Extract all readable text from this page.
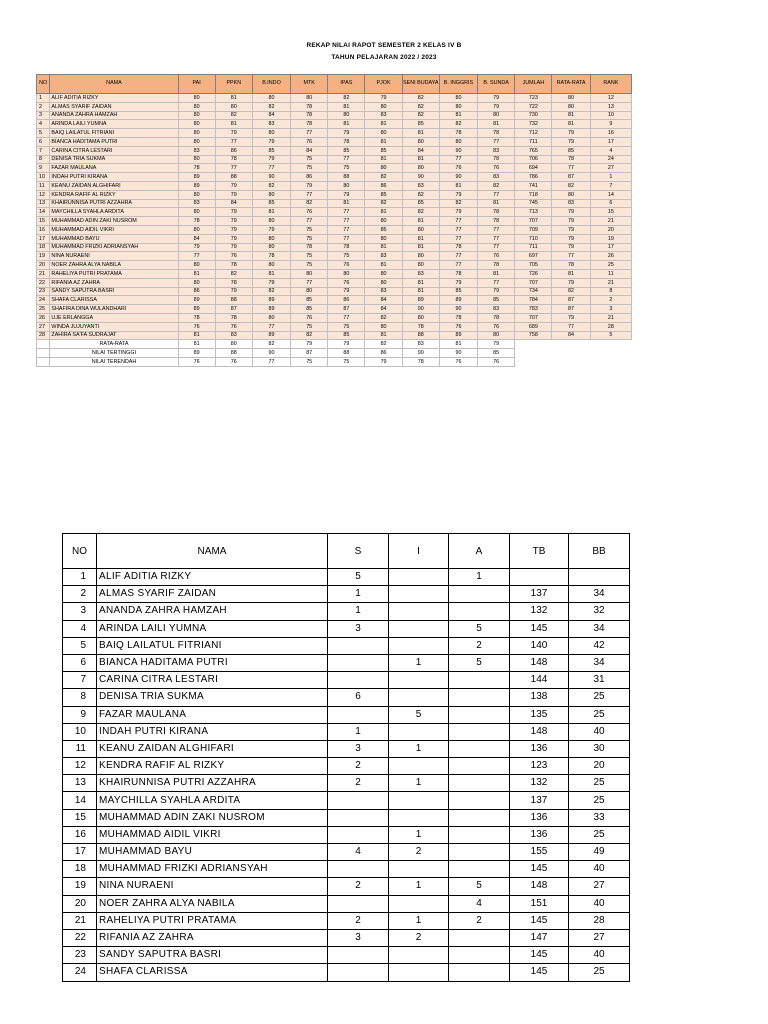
REKAP NILAI RAPOT SEMESTER 2 KELAS IV B
TAHUN PELAJARAN 2022 / 2023
NO	NAMA	PAI	PPKN	B.INDO	MTK	IPAS	PJOK	SENI BUDAYA	B. INGGRIS	B. SUNDA	JUMLAH	RATA-RATA	RANK
1	ALIF ADITIA RIZKY	80	81	80	80	82	79	82	80	79	723	80	12
2	ALMAS SYARIF ZAIDAN	80	80	82	78	81	80	82	80	79	722	80	13
3	ANANDA ZAHRA HAMZAH	80	82	84	78	80	83	82	81	80	730	81	10
4	ARINDA LAILI YUMNA	80	81	83	78	81	81	85	82	81	732	81	9
5	BAIQ LAILATUL FITRIANI	80	79	80	77	79	80	81	78	78	712	79	16
6	BIANCA HADITAMA PUTRI	80	77	79	76	78	81	80	80	77	711	79	17
7	CARINA CITRA LESTARI	83	86	85	84	85	85	84	90	83	765	85	4
8	DENISA TRIA SUKMA	80	78	79	75	77	81	81	77	78	706	78	24
9	FAZAR MAULANA	78	77	77	75	75	80	80	76	76	694	77	27
10	INDAH PUTRI KIRANA	89	88	90	86	88	82	90	90	83	786	87	1
11	KEANU ZAIDAN ALGHIFARI	89	79	82	79	80	86	83	81	82	741	82	7
12	KENDRA RAFIF AL RIZKY	80	79	80	77	79	85	82	79	77	718	80	14
13	KHAIRUNNISA PUTRI AZZAHRA	83	84	85	82	81	82	85	82	81	745	83	6
14	MAYCHILLA SYAHLA ARDITA	80	79	81	76	77	81	82	79	78	713	79	15
15	MUHAMMAD ADIN ZAKI NUSROM	78	79	80	77	77	80	81	77	78	707	79	21
16	MUHAMMAD AIDIL VIKRI	80	79	79	75	77	85	80	77	77	709	79	20
17	MUHAMMAD BAYU	84	79	80	75	77	80	81	77	77	710	79	19
18	MUHAMMAD FRIZKI ADRIANSYAH	79	79	80	78	78	81	81	78	77	711	79	17
19	NINA NURAENI	77	76	78	75	75	83	80	77	76	697	77	26
20	NOER ZAHRA ALYA NABILA	80	78	80	75	76	81	80	77	78	705	78	25
21	RAHELIYA PUTRI PRATAMA	81	82	81	80	80	80	83	78	81	726	81	11
22	RIFANIA AZ ZAHRA	80	78	79	77	76	80	81	79	77	707	79	21
23	SANDY SAPUTRA BASRI	86	79	82	80	79	83	81	85	79	734	82	8
24	SHAFA CLARISSA	89	88	89	85	86	84	89	89	85	784	87	2
25	SHAFIRA DINA WULANDHARI	89	87	89	85	87	84	90	90	83	783	87	3
26	UJE ERLANGGA	78	78	80	76	77	82	80	78	78	707	79	21
27	WINDA JUJUYANTI	76	76	77	75	75	80	78	76	76	689	77	28
28	ZAHIRA SA'FA SUDRAJAT	81	83	89	82	85	81	88	89	80	758	84	5
	RATA-RATA	81	80	82	79	79	82	83	81	79			
	NILAI TERTINGGI	89	88	90	87	88	86	90	90	85			
	NILAI TERENDAH	76	76	77	75	75	79	78	76	76			
NO	NAMA	S	I	A	TB	BB
1	ALIF ADITIA RIZKY	5		1		
2	ALMAS SYARIF ZAIDAN	1			137	34
3	ANANDA ZAHRA HAMZAH	1			132	32
4	ARINDA LAILI YUMNA	3		5	145	34
5	BAIQ LAILATUL FITRIANI			2	140	42
6	BIANCA HADITAMA PUTRI		1	5	148	34
7	CARINA CITRA LESTARI				144	31
8	DENISA TRIA SUKMA	6			138	25
9	FAZAR MAULANA		5		135	25
10	INDAH PUTRI KIRANA	1			148	40
11	KEANU ZAIDAN ALGHIFARI	3	1		136	30
12	KENDRA RAFIF AL RIZKY	2			123	20
13	KHAIRUNNISA PUTRI AZZAHRA	2	1		132	25
14	MAYCHILLA SYAHLA ARDITA				137	25
15	MUHAMMAD ADIN ZAKI NUSROM				136	33
16	MUHAMMAD AIDIL VIKRI		1		136	25
17	MUHAMMAD BAYU	4	2		155	49
18	MUHAMMAD FRIZKI ADRIANSYAH				145	40
19	NINA NURAENI	2	1	5	148	27
20	NOER ZAHRA ALYA NABILA			4	151	40
21	RAHELIYA PUTRI PRATAMA	2	1	2	145	28
22	RIFANIA AZ ZAHRA	3	2		147	27
23	SANDY SAPUTRA BASRI				145	40
24	SHAFA CLARISSA				145	25
